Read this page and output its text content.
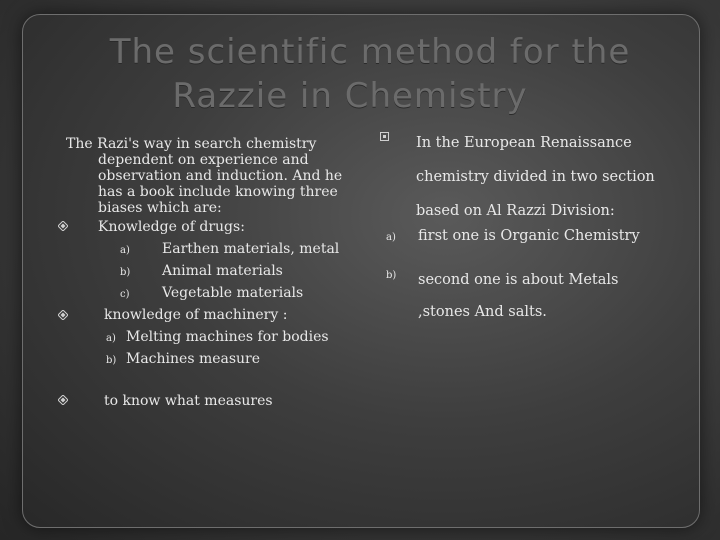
The scientific method for the
Razzie in Chemistry

The Razi's way in search chemistry dependent on experience and observation and induction. And he has a book include knowing three biases which are:

Knowledge of drugs:
a) Earthen materials, metal
b) Animal materials
c) Vegetable materials
knowledge of machinery :
a) Melting machines for bodies
b) Machines measure
to know what measures
In the European Renaissance chemistry divided in two section based on Al Razzi Division:
a) first one is Organic Chemistry
b) second one is about Metals ,stones And salts.
